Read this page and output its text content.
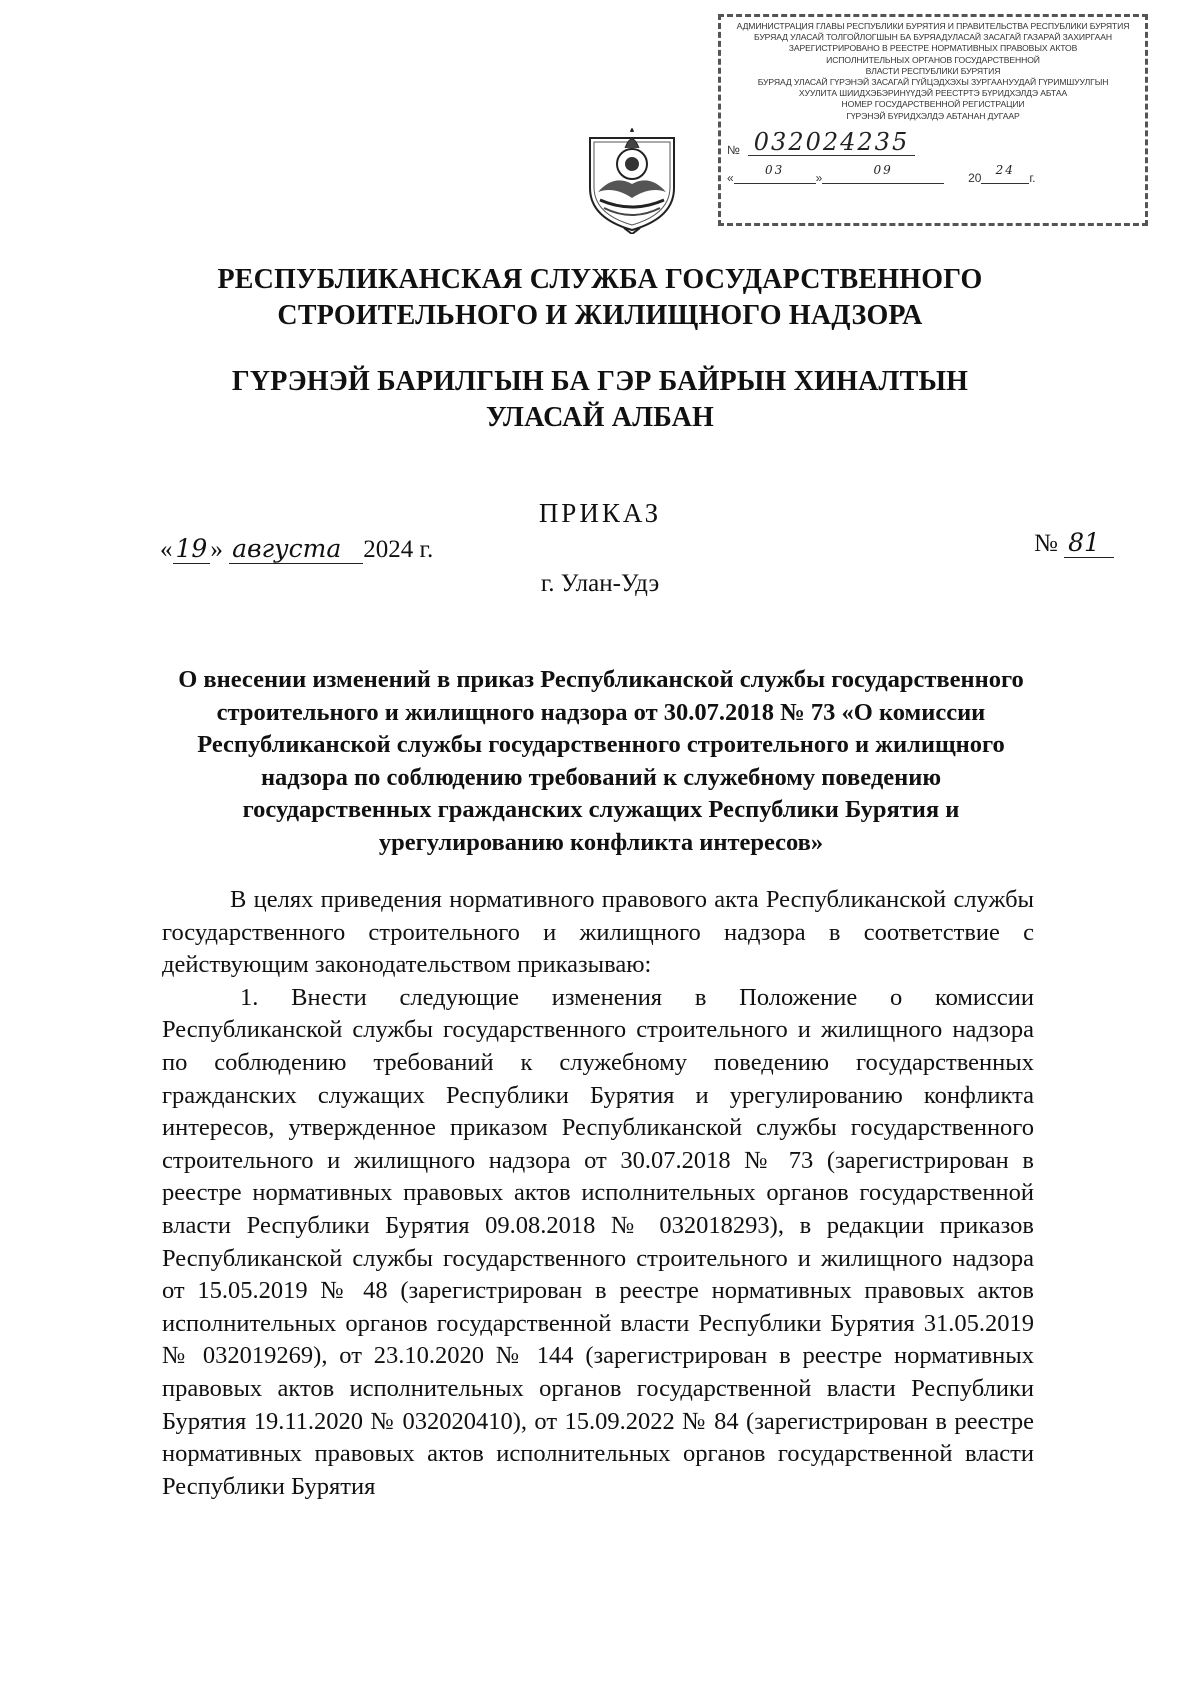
АДМИНИСТРАЦИЯ ГЛАВЫ РЕСПУБЛИКИ БУРЯТИЯ И ПРАВИТЕЛЬСТВА РЕСПУБЛИКИ БУРЯТИЯ
БУРЯАД УЛАСАЙ ТОЛГОЙЛОГШЫН БА БУРЯАДУЛАСАЙ ЗАСАГАЙ ГАЗАРАЙ ЗАХИРГААН
ЗАРЕГИСТРИРОВАНО В РЕЕСТРЕ НОРМАТИВНЫХ ПРАВОВЫХ АКТОВ
ИСПОЛНИТЕЛЬНЫХ ОРГАНОВ ГОСУДАРСТВЕННОЙ
ВЛАСТИ РЕСПУБЛИКИ БУРЯТИЯ
БУРЯАД УЛАСАЙ ГҮРЭНЭЙ ЗАСАГАЙ ГҮЙЦЭДХЭХЫ ЗУРГААНУУДАЙ ГҮРИМШУУЛГЫН
ХУУЛИТА ШИИДХЭБЭРИНҮҮДЭЙ РЕЕСТРТЭ БҮРИДХЭЛДЭ АБТАА
НОМЕР ГОСУДАРСТВЕННОЙ РЕГИСТРАЦИИ
ГҮРЭНЭЙ БҮРИДХЭЛДЭ АБТАНАН ДУГААР
№ 032024235
«
03
»
09
20
24
г.
РЕСПУБЛИКАНСКАЯ СЛУЖБА ГОСУДАРСТВЕННОГО
СТРОИТЕЛЬНОГО И ЖИЛИЩНОГО НАДЗОРА
ГҮРЭНЭЙ БАРИЛГЫН БА ГЭР БАЙРЫН ХИНАЛТЫН
УЛАСАЙ АЛБАН
ПРИКАЗ
« 19 » августа 2024 г.	№ 81
г. Улан-Удэ
О внесении изменений в приказ Республиканской службы государственного строительного и жилищного надзора от 30.07.2018 № 73 «О комиссии Республиканской службы государственного строительного и жилищного надзора по соблюдению требований к служебному поведению государственных гражданских служащих Республики Бурятия и урегулированию конфликта интересов»

В целях приведения нормативного правового акта Республиканской службы государственного строительного и жилищного надзора в соответствие с действующим законодательством приказываю:

1. Внести следующие изменения в Положение о комиссии Республиканской службы государственного строительного и жилищного надзора по соблюдению требований к служебному поведению государственных гражданских служащих Республики Бурятия и урегулированию конфликта интересов, утвержденное приказом Республиканской службы государственного строительного и жилищного надзора от 30.07.2018 № 73 (зарегистрирован в реестре нормативных правовых актов исполнительных органов государственной власти Республики Бурятия 09.08.2018 № 032018293), в редакции приказов Республиканской службы государственного строительного и жилищного надзора от 15.05.2019 № 48 (зарегистрирован в реестре нормативных правовых актов исполнительных органов государственной власти Республики Бурятия 31.05.2019 № 032019269), от 23.10.2020 № 144 (зарегистрирован в реестре нормативных правовых актов исполнительных органов государственной власти Республики Бурятия 19.11.2020 № 032020410), от 15.09.2022 № 84 (зарегистрирован в реестре нормативных правовых актов исполнительных органов государственной власти Республики Бурятия
